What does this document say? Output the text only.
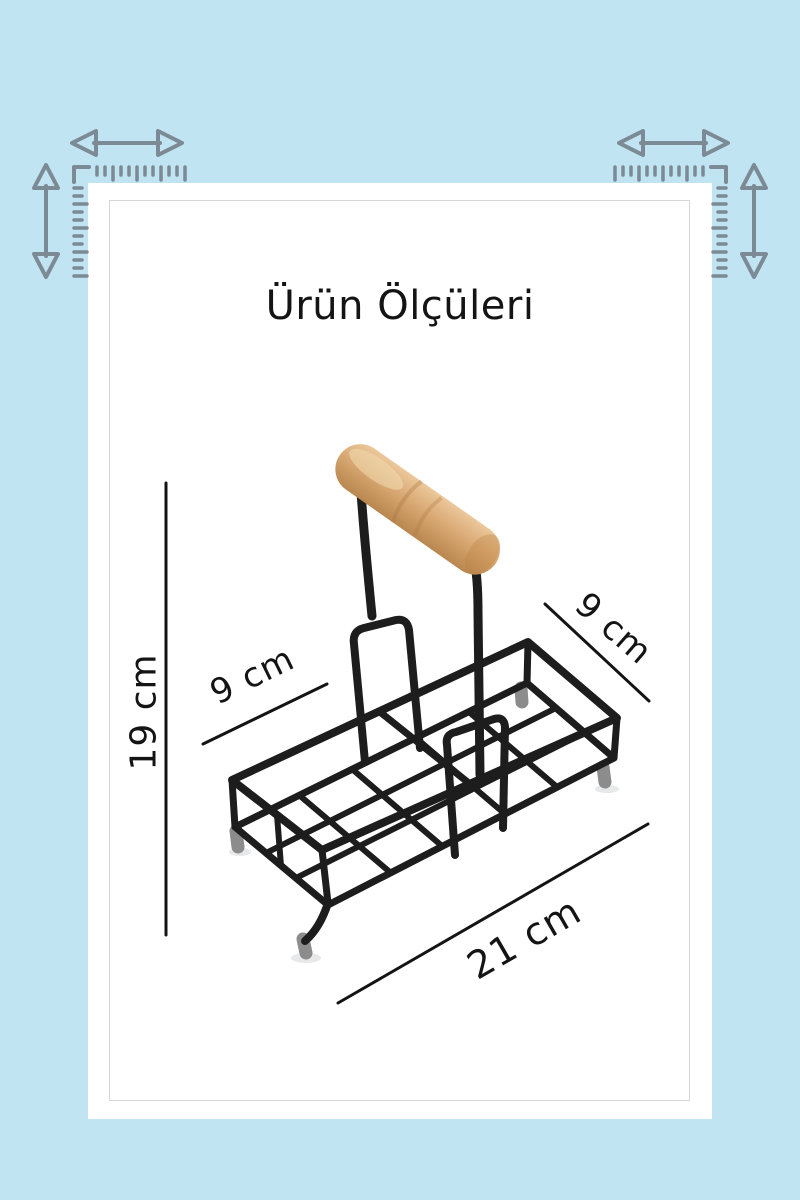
Ürün Ölçüleri
19 cm 9 cm
9 cm
21 cm
